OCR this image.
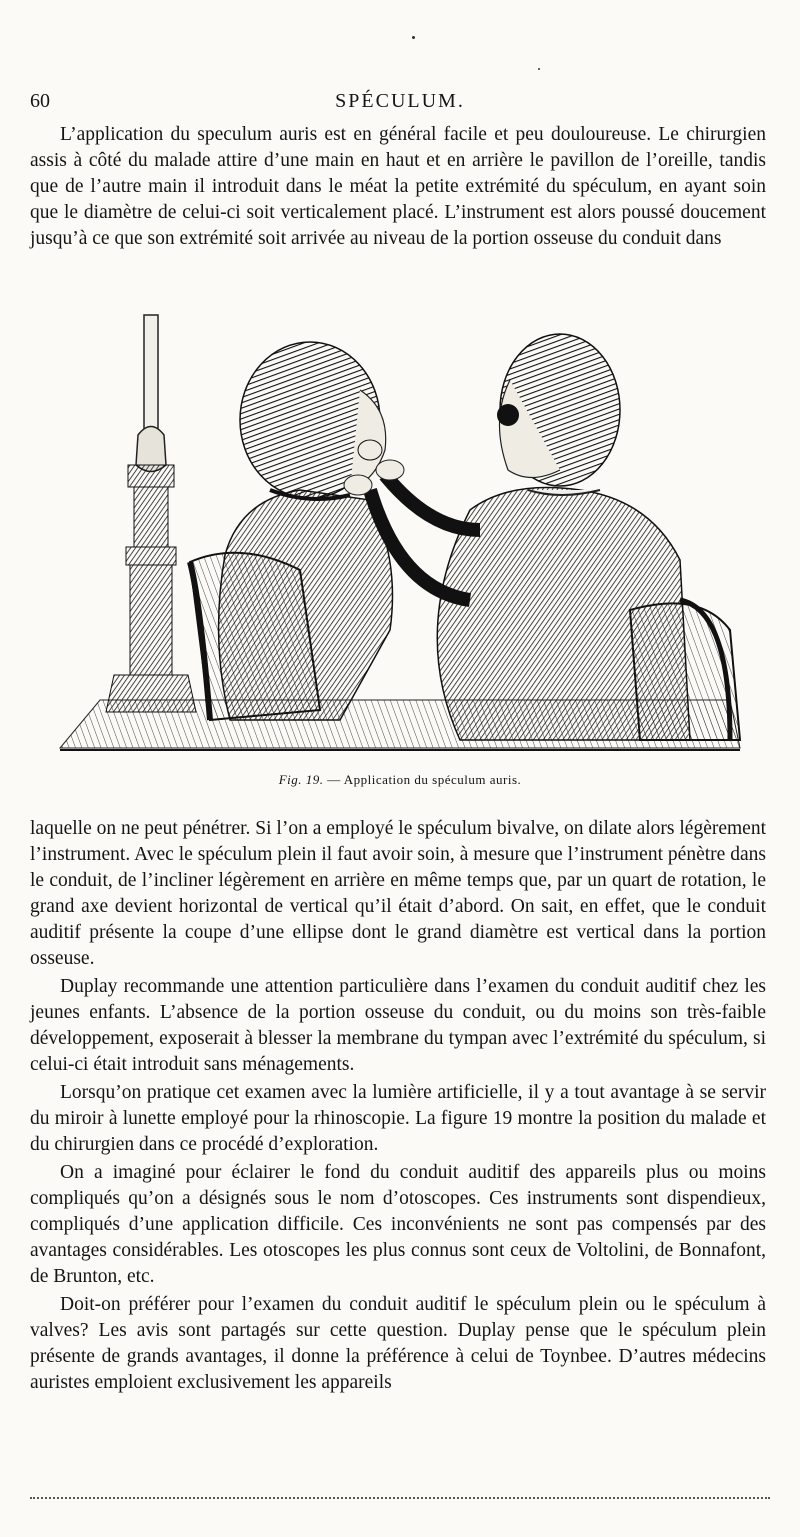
60	SPÉCULUM.

L’application du speculum auris est en général facile et peu douloureuse. Le chirurgien assis à côté du malade attire d’une main en haut et en arrière le pavillon de l’oreille, tandis que de l’autre main il introduit dans le méat la petite extrémité du spéculum, en ayant soin que le diamètre de celui-ci soit verticalement placé. L’instrument est alors poussé doucement jusqu’à ce que son extrémité soit arrivée au niveau de la portion osseuse du conduit dans

Fig. 19. — Application du spéculum auris.

laquelle on ne peut pénétrer. Si l’on a employé le spéculum bivalve, on dilate alors légèrement l’instrument. Avec le spéculum plein il faut avoir soin, à mesure que l’instrument pénètre dans le conduit, de l’incliner légèrement en arrière en même temps que, par un quart de rotation, le grand axe devient horizontal de vertical qu’il était d’abord. On sait, en effet, que le conduit auditif présente la coupe d’une ellipse dont le grand diamètre est vertical dans la portion osseuse.

Duplay recommande une attention particulière dans l’examen du conduit auditif chez les jeunes enfants. L’absence de la portion osseuse du conduit, ou du moins son très-faible développement, exposerait à blesser la membrane du tympan avec l’extrémité du spéculum, si celui-ci était introduit sans ménagements.

Lorsqu’on pratique cet examen avec la lumière artificielle, il y a tout avantage à se servir du miroir à lunette employé pour la rhinoscopie. La figure 19 montre la position du malade et du chirurgien dans ce procédé d’exploration.

On a imaginé pour éclairer le fond du conduit auditif des appareils plus ou moins compliqués qu’on a désignés sous le nom d’otoscopes. Ces instruments sont dispendieux, compliqués d’une application difficile. Ces inconvénients ne sont pas compensés par des avantages considérables. Les otoscopes les plus connus sont ceux de Voltolini, de Bonnafont, de Brunton, etc.

Doit-on préférer pour l’examen du conduit auditif le spéculum plein ou le spéculum à valves? Les avis sont partagés sur cette question. Duplay pense que le spéculum plein présente de grands avantages, il donne la préférence à celui de Toynbee. D’autres médecins auristes emploient exclusivement les appareils
